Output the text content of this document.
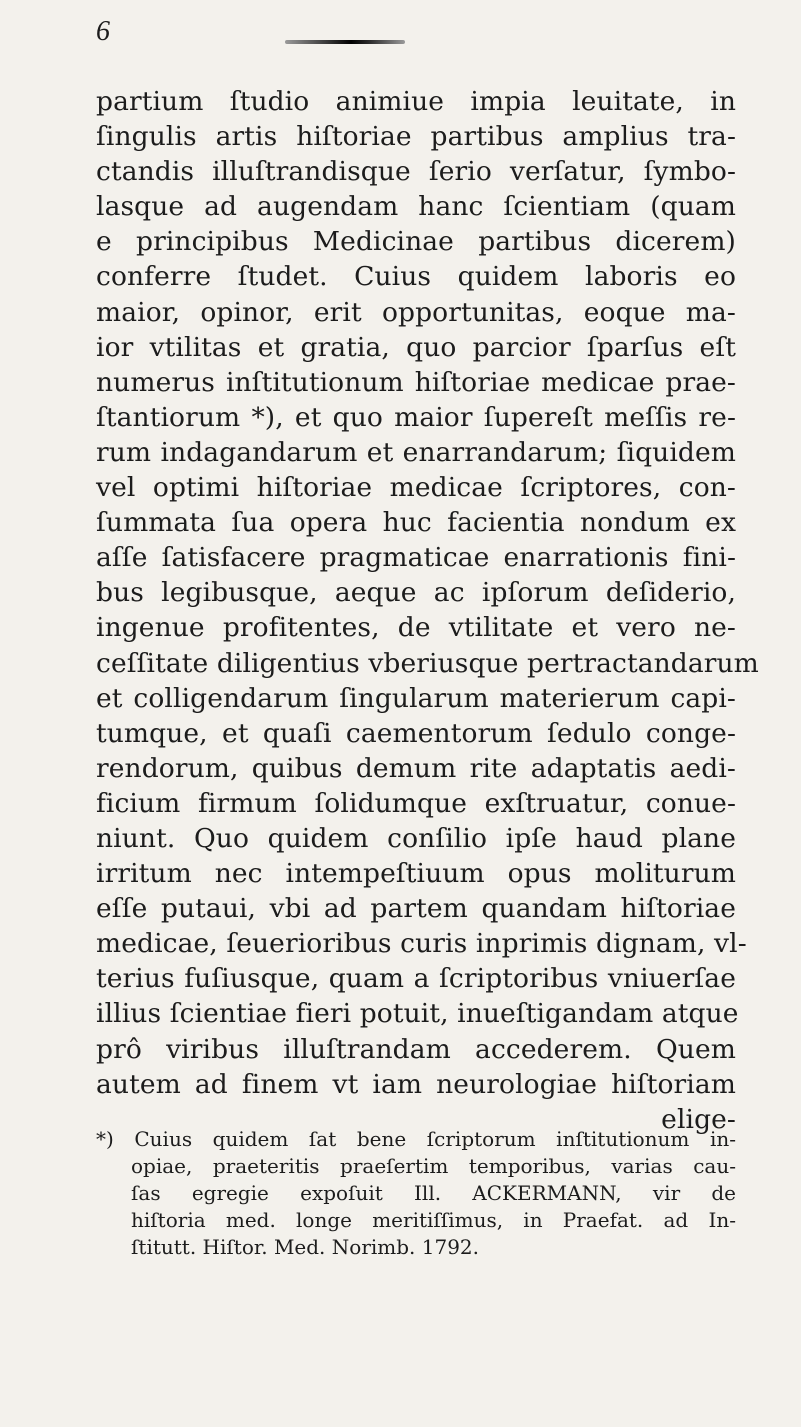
6
partium ſtudio animiue impia leuitate, in
ſingulis artis hiſtoriae partibus amplius tra-
ctandis illuſtrandisque ſerio verſatur, ſymbo-
lasque ad augendam hanc ſcientiam (quam
e principibus Medicinae partibus dicerem)
conferre ſtudet. Cuius quidem laboris eo
maior, opinor, erit opportunitas, eoque ma-
ior vtilitas et gratia, quo parcior ſparſus eſt
numerus inſtitutionum hiſtoriae medicae prae-
ſtantiorum *), et quo maior ſupereſt meſſis re-
rum indagandarum et enarrandarum; ſiquidem
vel optimi hiſtoriae medicae ſcriptores, con-
ſummata ſua opera huc facientia nondum ex
aſſe ſatisfacere pragmaticae enarrationis fini-
bus legibusque, aeque ac ipſorum deſiderio,
ingenue profitentes, de vtilitate et vero ne-
ceſſitate diligentius vberiusque pertractandarum
et colligendarum ſingularum materierum capi-
tumque, et quaſi caementorum ſedulo conge-
rendorum, quibus demum rite adaptatis aedi-
ficium firmum ſolidumque exſtruatur, conue-
niunt. Quo quidem conſilio ipſe haud plane
irritum nec intempeſtiuum opus moliturum
eſſe putaui, vbi ad partem quandam hiſtoriae
medicae, ſeuerioribus curis inprimis dignam, vl-
terius fuſiusque, quam a ſcriptoribus vniuerſae
illius ſcientiae fieri potuit, inueſtigandam atque
prô viribus illuſtrandam accederem. Quem
autem ad finem vt iam neurologiae hiſtoriam
elige-
*) Cuius quidem ſat bene ſcriptorum inſtitutionum in-
opiae, praeteritis praeſertim temporibus, varias cau-
ſas egregie expoſuit Ill. ACKERMANN, vir de
hiſtoria med. longe meritiſſimus, in Praefat. ad In-
ſtitutt. Hiſtor. Med. Norimb. 1792.
